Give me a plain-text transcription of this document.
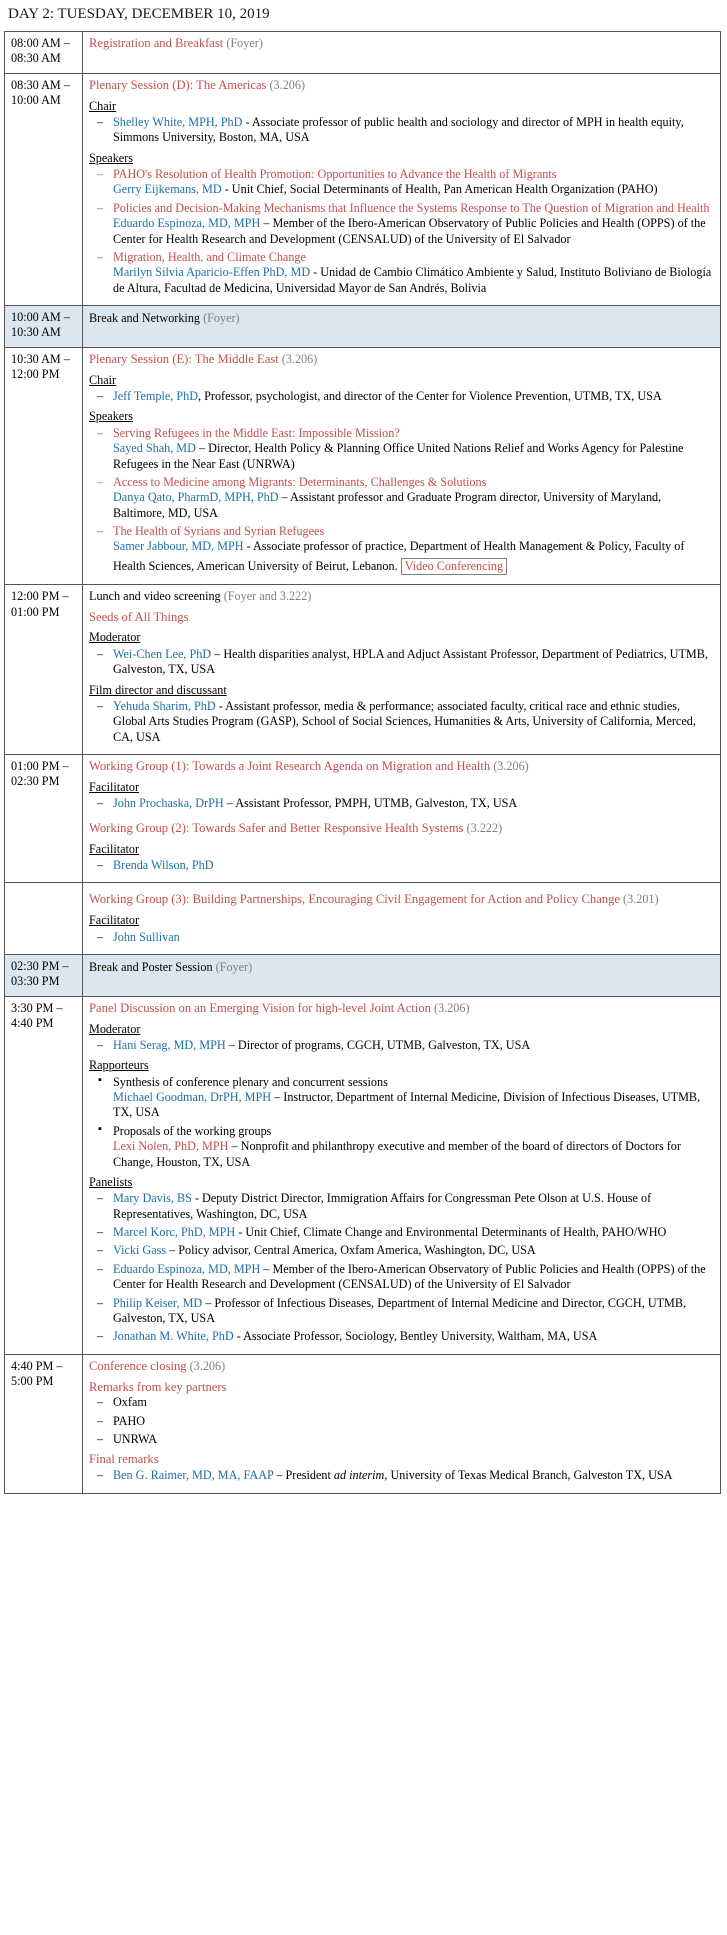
DAY 2: TUESDAY, DECEMBER 10, 2019
08:00 AM – 08:30 AM	Registration and Breakfast (Foyer)
08:30 AM – 10:00 AM	Plenary Session (D): The Americas (3.206)
Chair
– Shelley White, MPH, PhD - Associate professor of public health and sociology and director of MPH in health equity, Simmons University, Boston, MA, USA
Speakers
– PAHO's Resolution of Health Promotion: Opportunities to Advance the Health of Migrants
Gerry Eijkemans, MD - Unit Chief, Social Determinants of Health, Pan American Health Organization (PAHO)
– Policies and Decision-Making Mechanisms that Influence the Systems Response to The Question of Migration and Health
Eduardo Espinoza, MD, MPH – Member of the Ibero-American Observatory of Public Policies and Health (OPPS) of the Center for Health Research and Development (CENSALUD) of the University of El Salvador
– Migration, Health, and Climate Change
Marilyn Silvia Aparicio-Effen PhD, MD - Unidad de Cambio Climático Ambiente y Salud, Instituto Boliviano de Biología de Altura, Facultad de Medicina, Universidad Mayor de San Andrés, Bolivia

10:00 AM – 10:30 AM	Break and Networking (Foyer)
10:30 AM – 12:00 PM	Plenary Session (E): The Middle East (3.206)
Chair
– Jeff Temple, PhD, Professor, psychologist, and director of the Center for Violence Prevention, UTMB, TX, USA
Speakers
– Serving Refugees in the Middle East: Impossible Mission?
Sayed Shah, MD – Director, Health Policy & Planning Office United Nations Relief and Works Agency for Palestine Refugees in the Near East (UNRWA)
– Access to Medicine among Migrants: Determinants, Challenges & Solutions
Danya Qato, PharmD, MPH, PhD – Assistant professor and Graduate Program director, University of Maryland, Baltimore, MD, USA
– The Health of Syrians and Syrian Refugees
Samer Jabbour, MD, MPH - Associate professor of practice, Department of Health Management & Policy, Faculty of Health Sciences, American University of Beirut, Lebanon. Video Conferencing

12:00 PM – 01:00 PM	Lunch and video screening (Foyer and 3.222)
Seeds of All Things
Moderator
– Wei-Chen Lee, PhD – Health disparities analyst, HPLA and Adjuct Assistant Professor, Department of Pediatrics, UTMB, Galveston, TX, USA
Film director and discussant
– Yehuda Sharim, PhD - Assistant professor, media & performance; associated faculty, critical race and ethnic studies, Global Arts Studies Program (GASP), School of Social Sciences, Humanities & Arts, University of California, Merced, CA, USA

01:00 PM – 02:30 PM	Working Group (1): Towards a Joint Research Agenda on Migration and Health (3.206)
Facilitator
– John Prochaska, DrPH – Assistant Professor, PMPH, UTMB, Galveston, TX, USA
Working Group (2): Towards Safer and Better Responsive Health Systems (3.222)
Facilitator
– Brenda Wilson, PhD

Working Group (3): Building Partnerships, Encouraging Civil Engagement for Action and Policy Change (3.201)
Facilitator
– John Sullivan

02:30 PM – 03:30 PM	Break and Poster Session (Foyer)
3:30 PM – 4:40 PM	Panel Discussion on an Emerging Vision for high-level Joint Action (3.206)
Moderator
– Hani Serag, MD, MPH – Director of programs, CGCH, UTMB, Galveston, TX, USA
Rapporteurs
▪ Synthesis of conference plenary and concurrent sessions
Michael Goodman, DrPH, MPH – Instructor, Department of Internal Medicine, Division of Infectious Diseases, UTMB, TX, USA
▪ Proposals of the working groups
Lexi Nolen, PhD, MPH – Nonprofit and philanthropy executive and member of the board of directors of Doctors for Change, Houston, TX, USA
Panelists
– Mary Davis, BS - Deputy District Director, Immigration Affairs for Congressman Pete Olson at U.S. House of Representatives, Washington, DC, USA
– Marcel Korc, PhD, MPH - Unit Chief, Climate Change and Environmental Determinants of Health, PAHO/WHO
– Vicki Gass – Policy advisor, Central America, Oxfam America, Washington, DC, USA
– Eduardo Espinoza, MD, MPH – Member of the Ibero-American Observatory of Public Policies and Health (OPPS) of the Center for Health Research and Development (CENSALUD) of the University of El Salvador
– Philip Keiser, MD – Professor of Infectious Diseases, Department of Internal Medicine and Director, CGCH, UTMB, Galveston, TX, USA
– Jonathan M. White, PhD - Associate Professor, Sociology, Bentley University, Waltham, MA, USA

4:40 PM – 5:00 PM	Conference closing (3.206)
Remarks from key partners
– Oxfam
– PAHO
– UNRWA
Final remarks
– Ben G. Raimer, MD, MA, FAAP – President ad interim, University of Texas Medical Branch, Galveston TX, USA
